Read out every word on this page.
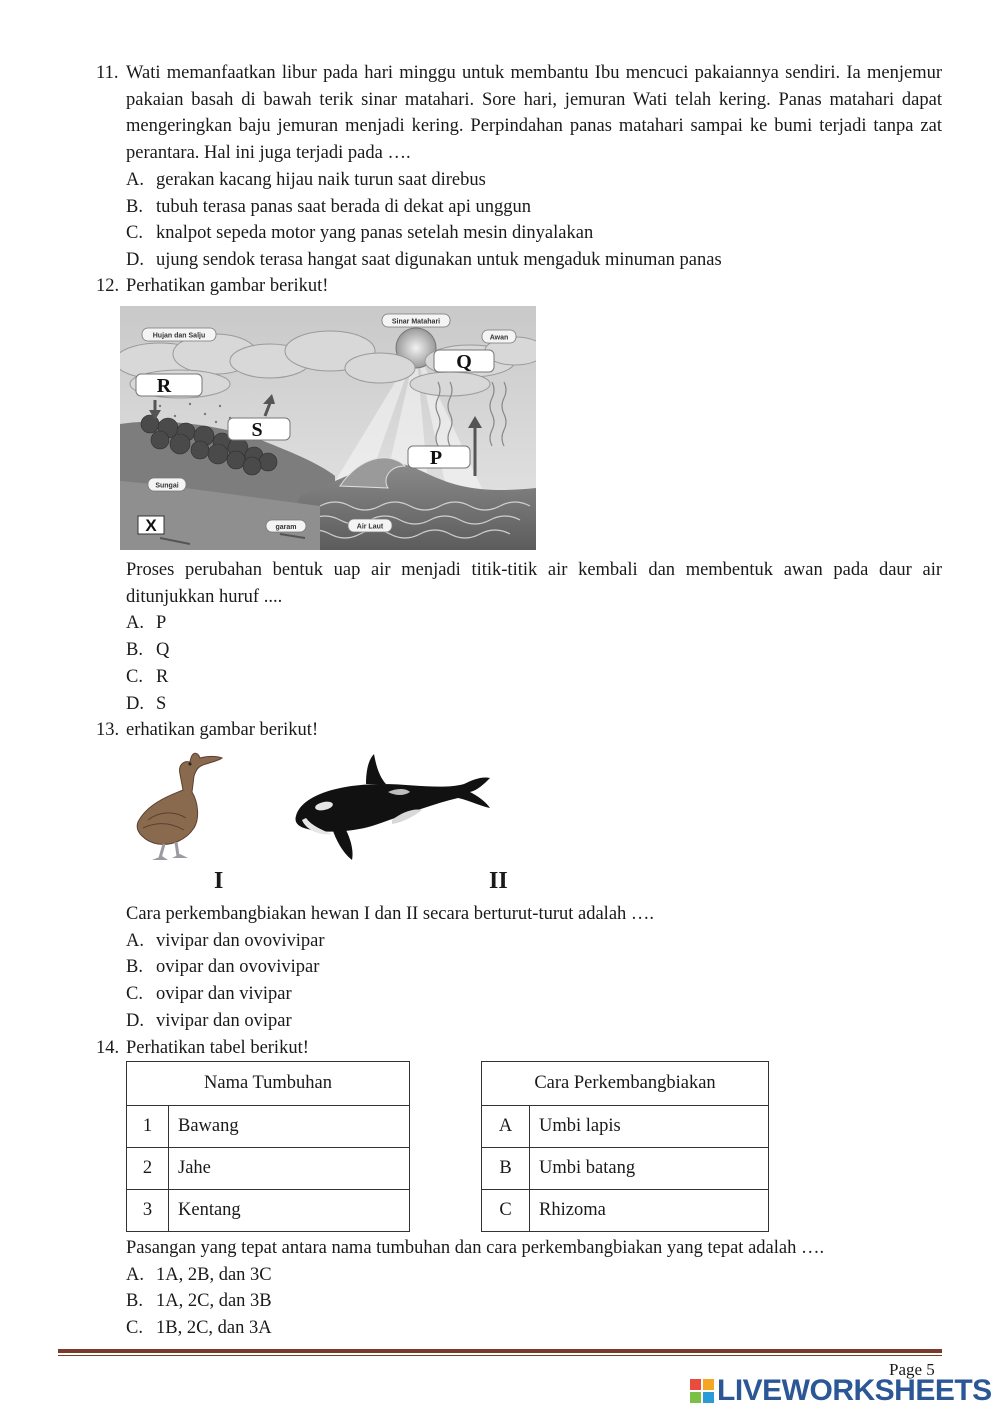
11. Wati memanfaatkan libur pada hari minggu untuk membantu Ibu mencuci pakaiannya sendiri. Ia menjemur pakaian basah di bawah terik sinar matahari. Sore hari, jemuran Wati telah kering. Panas matahari dapat mengeringkan baju jemuran menjadi kering. Perpindahan panas matahari sampai ke bumi terjadi tanpa zat perantara. Hal ini juga terjadi pada ….

A. gerakan kacang hijau naik turun saat direbus
B. tubuh terasa panas saat berada di dekat api unggun
C. knalpot sepeda motor yang panas setelah mesin dinyalakan
D. ujung sendok terasa hangat saat digunakan untuk mengaduk minuman panas
12. Perhatikan gambar berikut!

Sinar Matahari
Hujan dan Salju	Awan
Sungai
garam	Air Laut
Q
R
S
P
X

Proses perubahan bentuk uap air menjadi titik-titik air kembali dan membentuk awan pada daur air ditunjukkan huruf ....

A. P
B. Q
C. R
D. S
13. erhatikan gambar berikut!

I	II

Cara perkembangbiakan hewan I dan II secara berturut-turut adalah ….

A. vivipar dan ovovivipar
B. ovipar dan ovovivipar
C. ovipar dan vivipar
D. vivipar dan ovipar
14. Perhatikan tabel berikut!

Nama Tumbuhan	
1	Bawang
2	Jahe
3	Kentang
Cara Perkembangbiakan	
A	Umbi lapis
B	Umbi batang
C	Rhizoma

Pasangan yang tepat antara nama tumbuhan dan cara perkembangbiakan yang tepat adalah ….

A. 1A, 2B, dan 3C
B. 1A, 2C, dan 3B
C. 1B, 2C, dan 3A
Page 5
LIVEWORKSHEETS
